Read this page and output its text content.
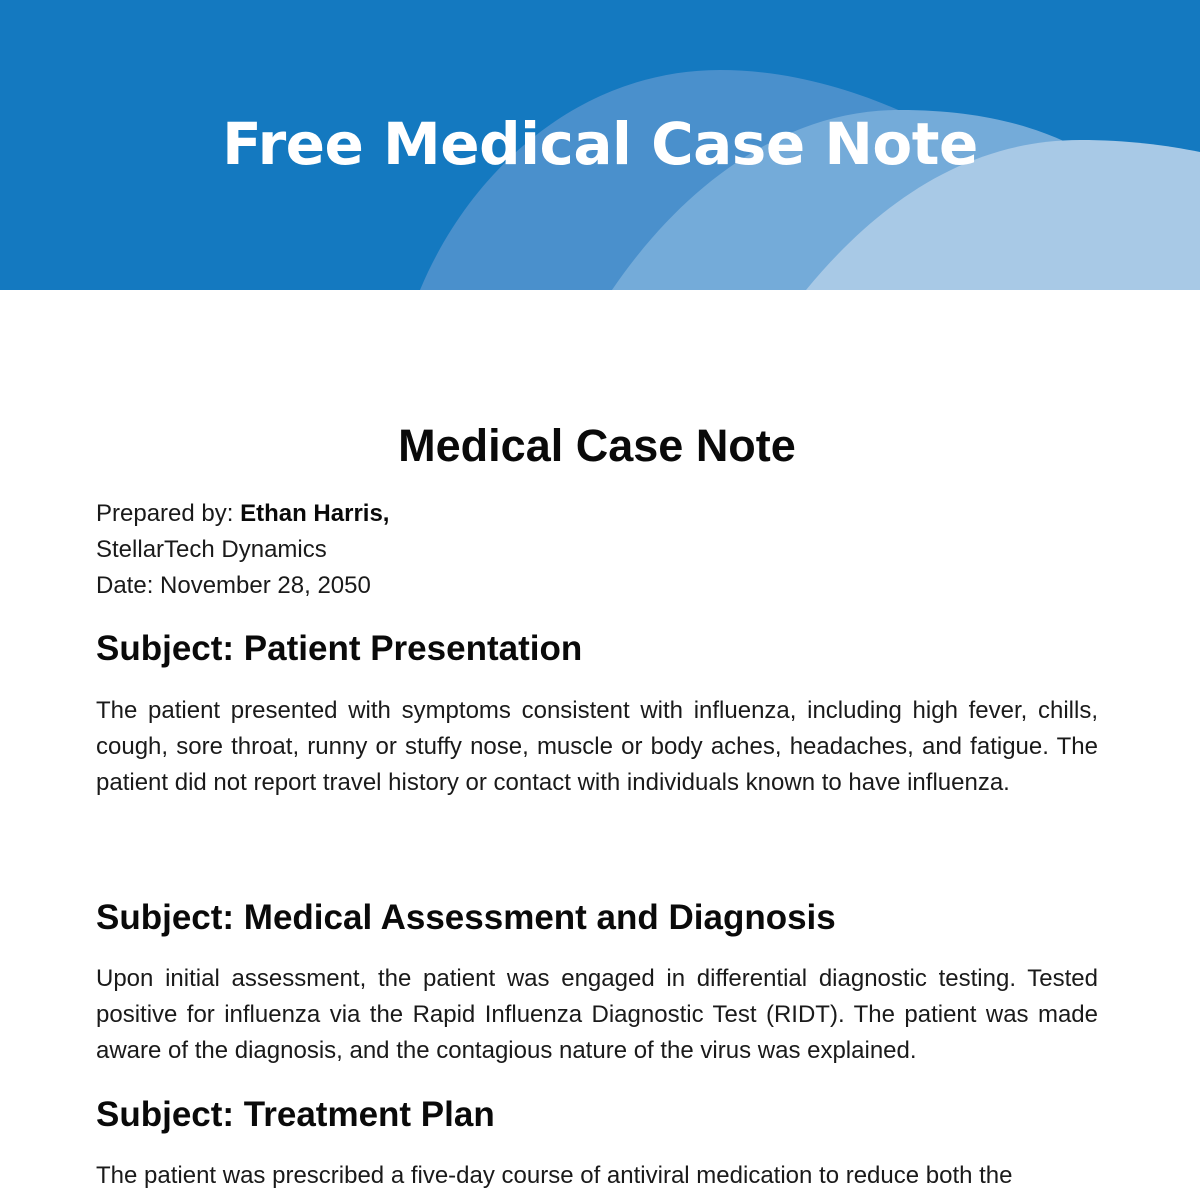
Free Medical Case Note
Medical Case Note
Prepared by: Ethan Harris,
StellarTech Dynamics
Date: November 28, 2050
Subject: Patient Presentation

The patient presented with symptoms consistent with influenza, including high fever, chills, cough, sore throat, runny or stuffy nose, muscle or body aches, headaches, and fatigue. The patient did not report travel history or contact with individuals known to have influenza.

Subject: Medical Assessment and Diagnosis

Upon initial assessment, the patient was engaged in differential diagnostic testing. Tested positive for influenza via the Rapid Influenza Diagnostic Test (RIDT). The patient was made aware of the diagnosis, and the contagious nature of the virus was explained.

Subject: Treatment Plan

The patient was prescribed a five-day course of antiviral medication to reduce both the
